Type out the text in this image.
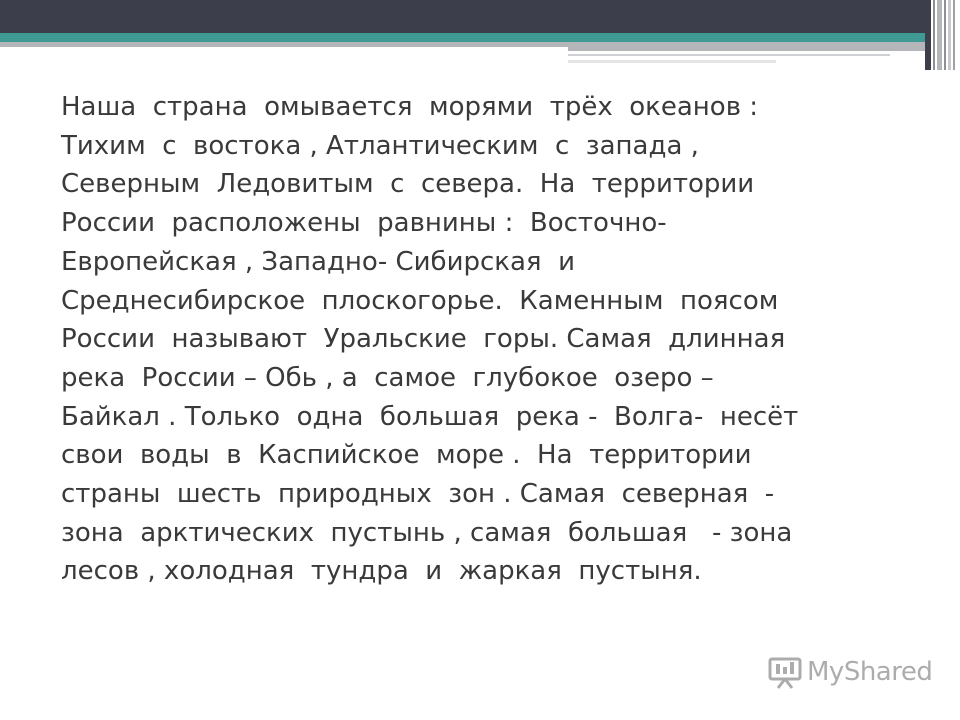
Наша  страна  омывается  морями  трёх  океанов :
Тихим  с  востока , Атлантическим  с  запада ,
Северным  Ледовитым  с  севера.  На  территории
России  расположены  равнины :  Восточно-
Европейская , Западно- Сибирская  и
Среднесибирское  плоскогорье.  Каменным  поясом
России  называют  Уральские  горы. Самая  длинная
река  России – Обь , а  самое  глубокое  озеро –
Байкал . Только  одна  большая  река -  Волга-  несёт
свои  воды  в  Каспийское  море .  На  территории
страны  шесть  природных  зон . Самая  северная  -
зона  арктических  пустынь , самая  большая   - зона
лесов , холодная  тундра  и  жаркая  пустыня.
MyShared
